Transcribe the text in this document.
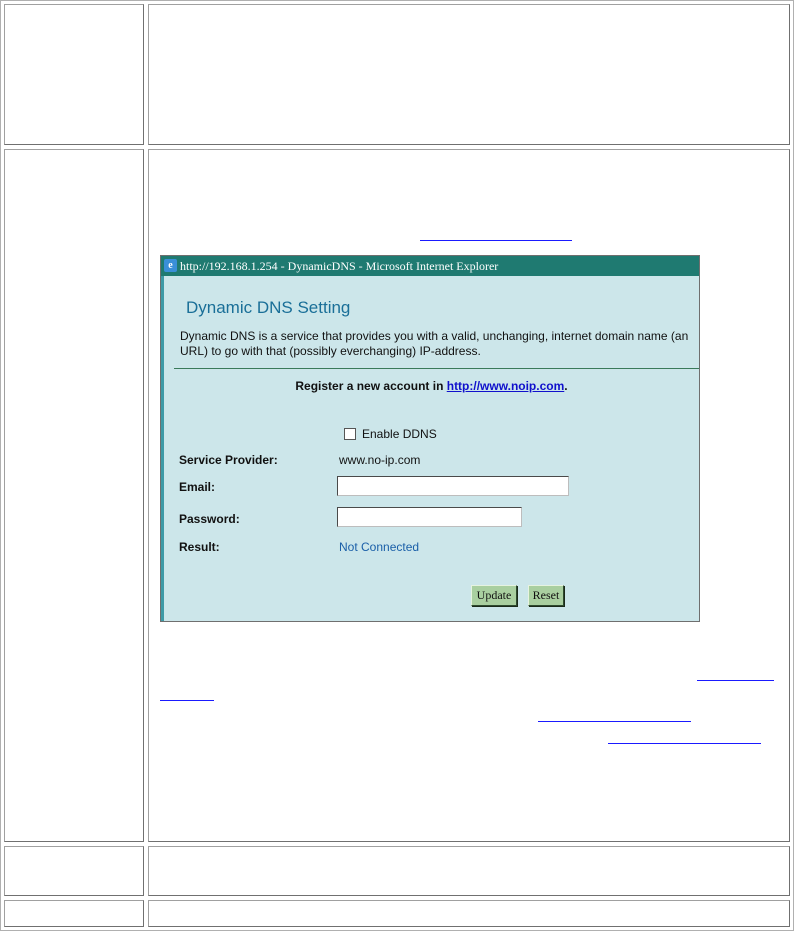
e http://192.168.1.254 - DynamicDNS - Microsoft Internet Explorer
Dynamic DNS Setting
Dynamic DNS is a service that provides you with a valid, unchanging, internet domain name (an URL) to go with that (possibly everchanging) IP-address.
Register a new account in http://www.noip.com.
Enable DDNS
Service Provider:	www.no-ip.com
Email:
Password:
Result:	Not Connected
Update	Reset
